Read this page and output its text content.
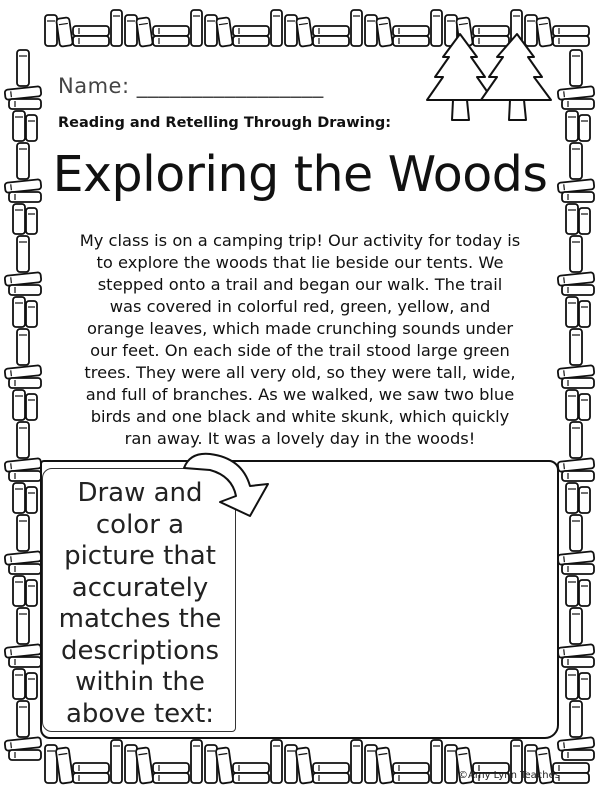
Name: _________________
Reading and Retelling Through Drawing:
Exploring the Woods
My class is on a camping trip! Our activity for today is
to explore the woods that lie beside our tents. We
stepped onto a trail and began our walk. The trail
was covered in colorful red, green, yellow, and
orange leaves, which made crunching sounds under
our feet. On each side of the trail stood large green
trees. They were all very old, so they were tall, wide,
and full of branches. As we walked, we saw two blue
birds and one black and white skunk, which quickly
ran away. It was a lovely day in the woods!
Draw and
color a
picture that
accurately
matches the
descriptions
within the
above text:
©Amy Lynn Teaches
